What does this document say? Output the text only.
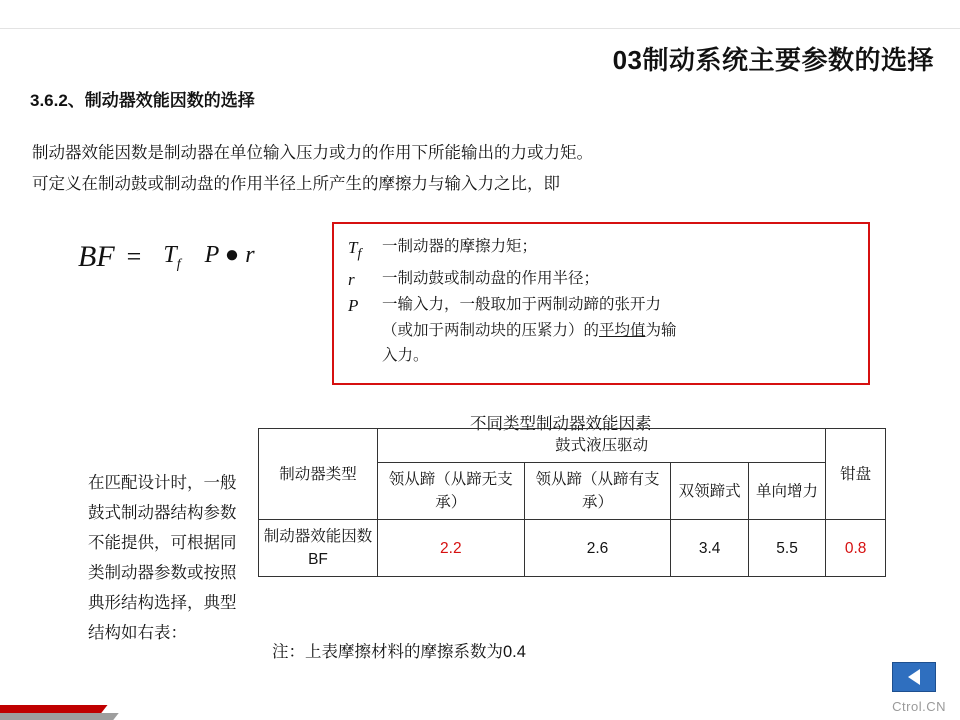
03制动系统主要参数的选择
3.6.2、制动器效能因数的选择
制动器效能因数是制动器在单位输入压力或力的作用下所能输出的力或力矩。
可定义在制动鼓或制动盘的作用半径上所产生的摩擦力与输入力之比，即
BF = $T_f$ P ● r	$T_f$	一制动器的摩擦力矩；
r	一制动鼓或制动盘的作用半径；
P	一输入力，一般取加于两制动蹄的张开力
（或加于两制动块的压紧力）的平均值为输
入力。
不同类型制动器效能因素
在匹配设计时，一般鼓式制动器结构参数不能提供，可根据同类制动器参数或按照典形结构选择，典型结构如右表：
制动器类型	鼓式液压驱动				钳盘
	领从蹄（从蹄无支承）	领从蹄（从蹄有支承）	双领蹄式	单向增力	
制动器效能因数BF	2.2	2.6	3.4	5.5	0.8
注：上表摩擦材料的摩擦系数为0.4
Ctrol.CN
